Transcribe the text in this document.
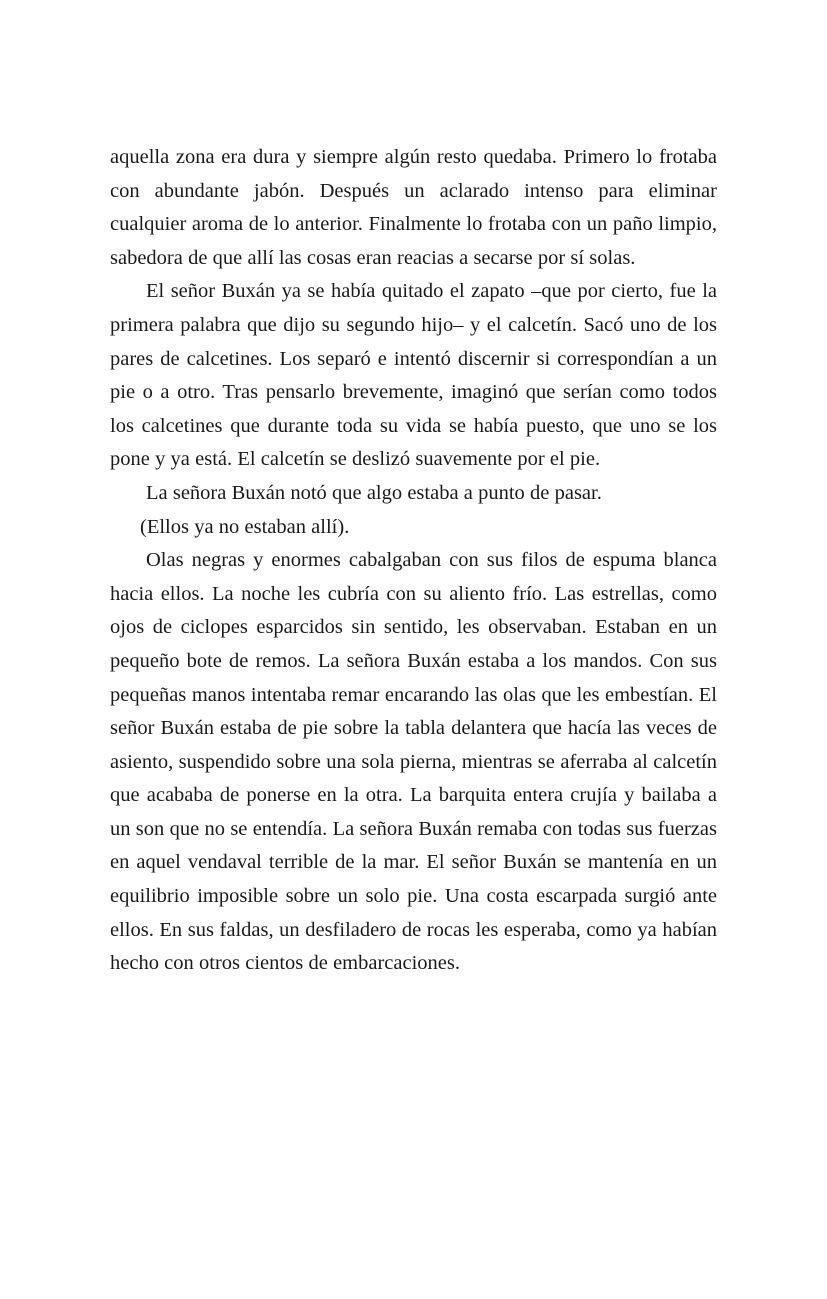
aquella zona era dura y siempre algún resto quedaba. Primero lo frotaba con abundante jabón. Después un aclarado intenso para eliminar cualquier aroma de lo anterior. Finalmente lo frotaba con un paño limpio, sabedora de que allí las cosas eran reacias a secarse por sí solas.

El señor Buxán ya se había quitado el zapato –que por cierto, fue la primera palabra que dijo su segundo hijo– y el calcetín. Sacó uno de los pares de calcetines. Los separó e intentó discernir si correspondían a un pie o a otro. Tras pensarlo brevemente, imaginó que serían como todos los calcetines que durante toda su vida se había puesto, que uno se los pone y ya está. El calcetín se deslizó suavemente por el pie.

La señora Buxán notó que algo estaba a punto de pasar.

(Ellos ya no estaban allí).

Olas negras y enormes cabalgaban con sus filos de espuma blanca hacia ellos. La noche les cubría con su aliento frío. Las estrellas, como ojos de ciclopes esparcidos sin sentido, les observaban. Estaban en un pequeño bote de remos. La señora Buxán estaba a los mandos. Con sus pequeñas manos intentaba remar encarando las olas que les embestían. El señor Buxán estaba de pie sobre la tabla delantera que hacía las veces de asiento, suspendido sobre una sola pierna, mientras se aferraba al calcetín que acababa de ponerse en la otra. La barquita entera crujía y bailaba a un son que no se entendía. La señora Buxán remaba con todas sus fuerzas en aquel vendaval terrible de la mar. El señor Buxán se mantenía en un equilibrio imposible sobre un solo pie. Una costa escarpada surgió ante ellos. En sus faldas, un desfiladero de rocas les esperaba, como ya habían hecho con otros cientos de embarcaciones.
